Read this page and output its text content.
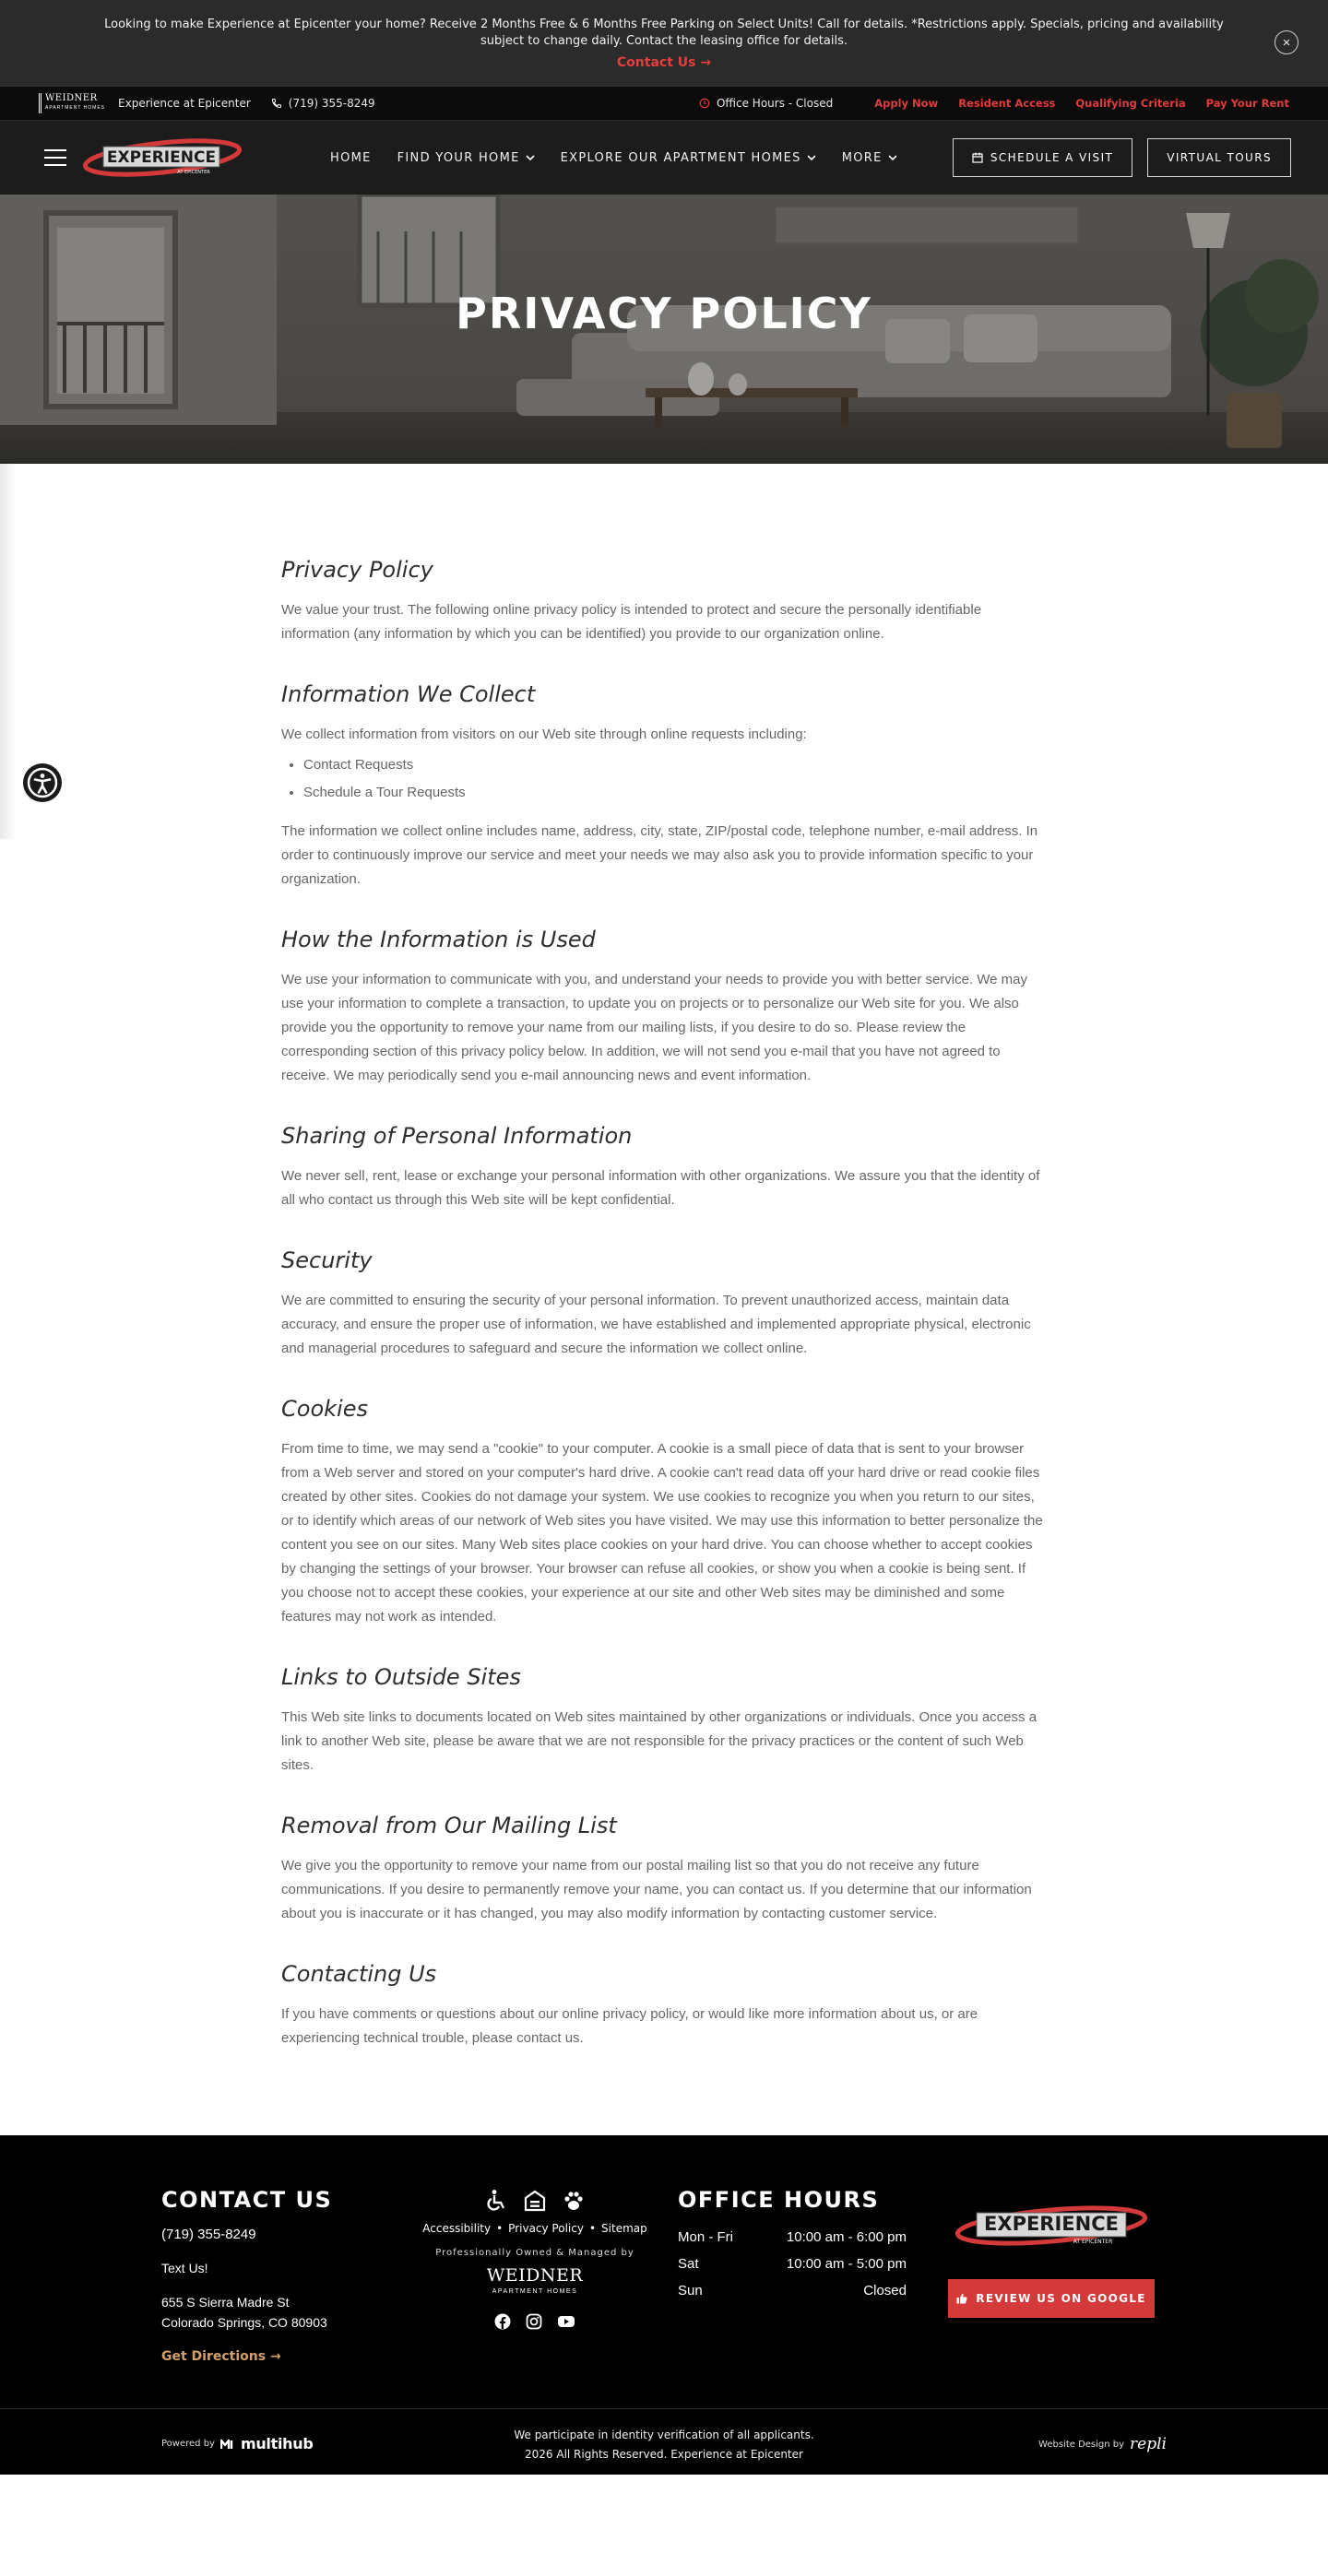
Looking to make Experience at Epicenter your home? Receive 2 Months Free & 6 Months Free Parking on Select Units! Call for details. *Restrictions apply. Specials, pricing and availability subject to change daily. Contact the leasing office for details.
Contact Us →
×
WEIDNER
APARTMENT HOMES Experience at Epicenter	(719) 355-8249	Office Hours - Closed	Apply Now Resident Access Qualifying Criteria Pay Your Rent
EXPERIENCE
AT EPICENTER
HOME FIND YOUR HOME	EXPLORE OUR APARTMENT HOMES	MORE	SCHEDULE A VISIT	VIRTUAL TOURS
PRIVACY POLICY
Privacy Policy

We value your trust. The following online privacy policy is intended to protect and secure the personally identifiable information (any information by which you can be identified) you provide to our organization online.

Information We Collect

We collect information from visitors on our Web site through online requests including:

• Contact Requests
• Schedule a Tour Requests

The information we collect online includes name, address, city, state, ZIP/postal code, telephone number, e-mail address. In order to continuously improve our service and meet your needs we may also ask you to provide information specific to your organization.

How the Information is Used

We use your information to communicate with you, and understand your needs to provide you with better service. We may use your information to complete a transaction, to update you on projects or to personalize our Web site for you. We also provide you the opportunity to remove your name from our mailing lists, if you desire to do so. Please review the corresponding section of this privacy policy below. In addition, we will not send you e-mail that you have not agreed to receive. We may periodically send you e-mail announcing news and event information.

Sharing of Personal Information

We never sell, rent, lease or exchange your personal information with other organizations. We assure you that the identity of all who contact us through this Web site will be kept confidential.

Security

We are committed to ensuring the security of your personal information. To prevent unauthorized access, maintain data accuracy, and ensure the proper use of information, we have established and implemented appropriate physical, electronic and managerial procedures to safeguard and secure the information we collect online.

Cookies

From time to time, we may send a "cookie" to your computer. A cookie is a small piece of data that is sent to your browser from a Web server and stored on your computer's hard drive. A cookie can't read data off your hard drive or read cookie files created by other sites. Cookies do not damage your system. We use cookies to recognize you when you return to our sites, or to identify which areas of our network of Web sites you have visited. We may use this information to better personalize the content you see on our sites. Many Web sites place cookies on your hard drive. You can choose whether to accept cookies by changing the settings of your browser. Your browser can refuse all cookies, or show you when a cookie is being sent. If you choose not to accept these cookies, your experience at our site and other Web sites may be diminished and some features may not work as intended.

Links to Outside Sites

This Web site links to documents located on Web sites maintained by other organizations or individuals. Once you access a link to another Web site, please be aware that we are not responsible for the privacy practices or the content of such Web sites.

Removal from Our Mailing List

We give you the opportunity to remove your name from our postal mailing list so that you do not receive any future communications. If you desire to permanently remove your name, you can contact us. If you determine that our information about you is inaccurate or it has changed, you may also modify information by contacting customer service.

Contacting Us

If you have comments or questions about our online privacy policy, or would like more information about us, or are experiencing technical trouble, please contact us.

CONTACT US
(719) 355-8249
Text Us!
655 S Sierra Madre St
Colorado Springs, CO 80903
Get Directions →
Accessibility • Privacy Policy • Sitemap
Professionally Owned & Managed by
WEIDNER
APARTMENT HOMES
OFFICE HOURS
Mon - Fri	10:00 am - 6:00 pm
Sat	10:00 am - 5:00 pm
Sun	Closed
EXPERIENCE
AT EPICENTER
REVIEW US ON GOOGLE
Powered by multihub	We participate in identity verification of all applicants.
2026 All Rights Reserved. Experience at Epicenter
Website Design by repli
